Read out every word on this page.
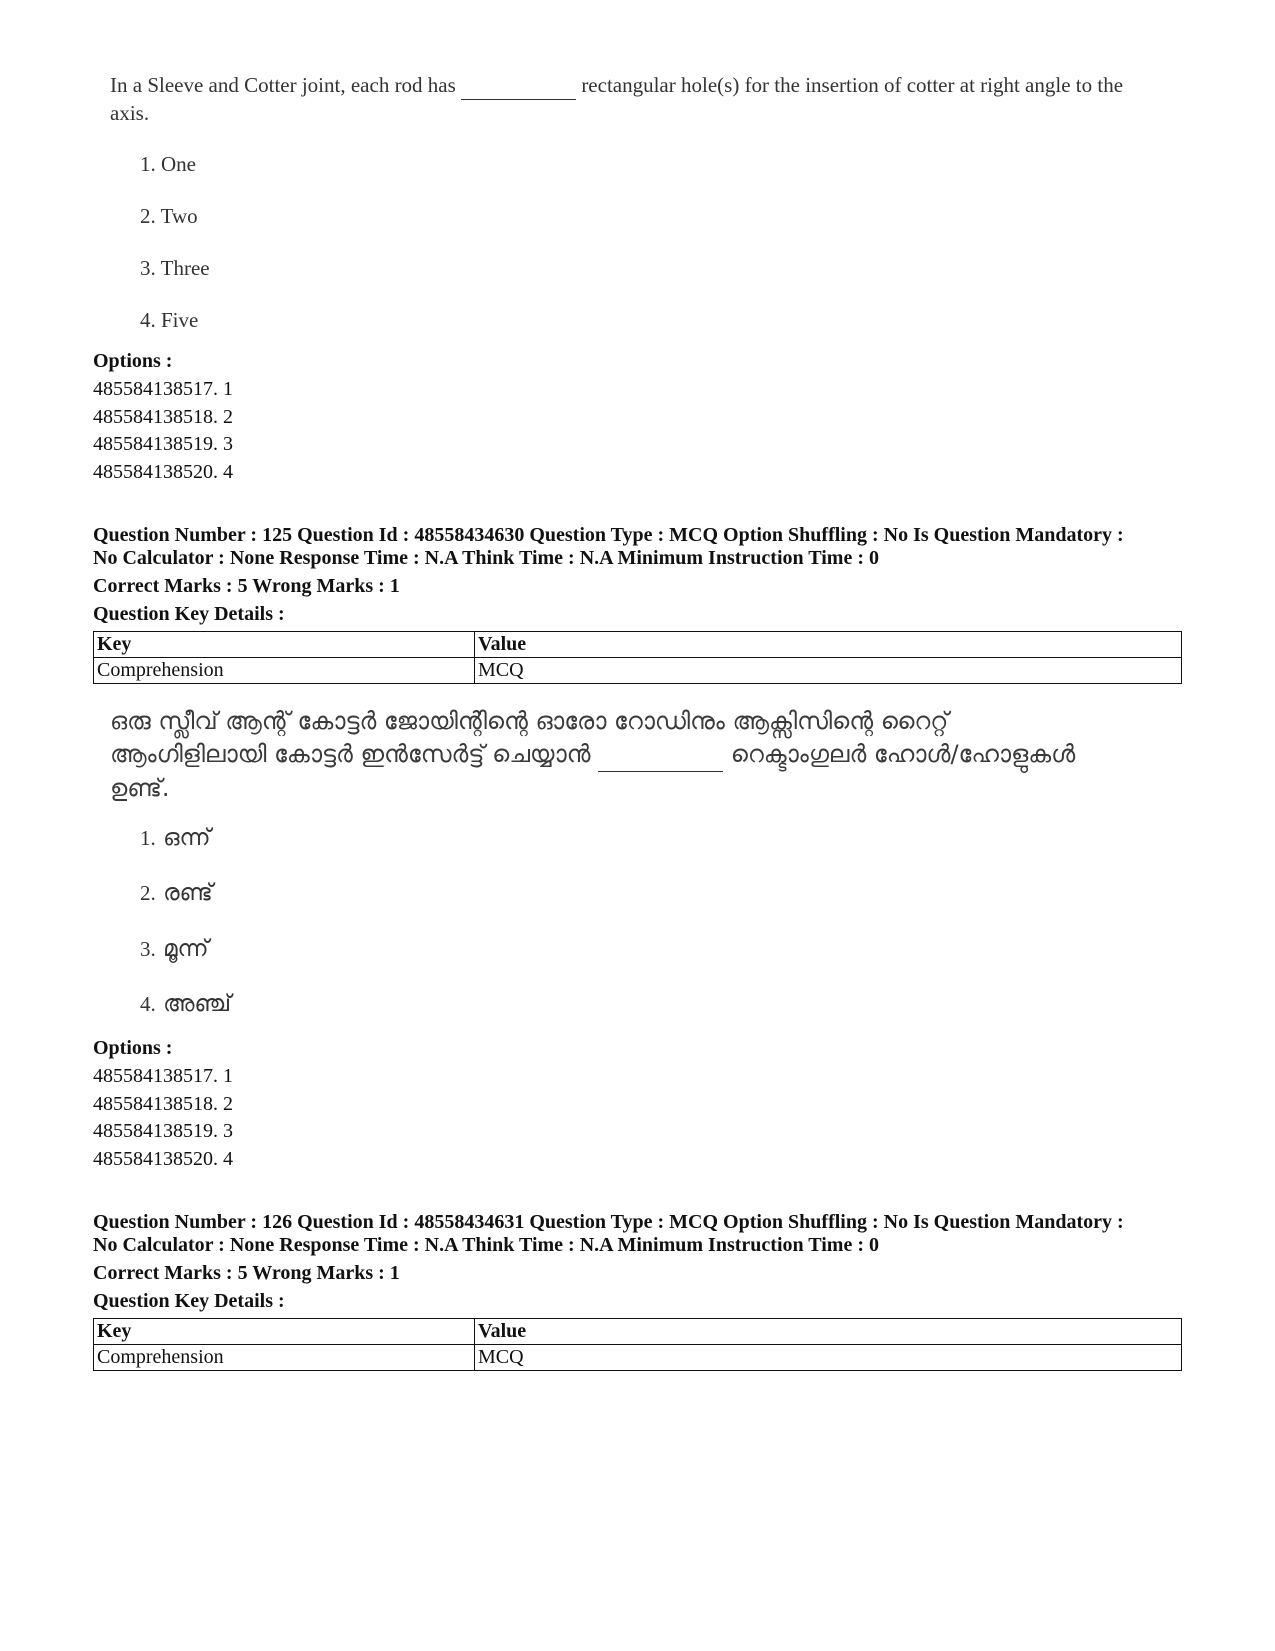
In a Sleeve and Cotter joint, each rod has	rectangular hole(s) for the insertion of cotter at right angle to the axis.
1. One
2. Two
3. Three
4. Five
Options :
485584138517. 1
485584138518. 2
485584138519. 3
485584138520. 4
Question Number : 125 Question Id : 48558434630 Question Type : MCQ Option Shuffling : No Is Question Mandatory :
No Calculator : None Response Time : N.A Think Time : N.A Minimum Instruction Time : 0
Correct Marks : 5 Wrong Marks : 1
Question Key Details :
Key	Value
Comprehension	MCQ
ഒരു സ്ലീവ് ആന്റ് കോട്ടർ ജോയിന്റിന്റെ ഓരോ റോഡിനും ആക്സിസിന്റെ റൈറ്റ് ആംഗിളിലായി കോട്ടർ ഇൻസേർട്ട് ചെയ്യാൻ	റെക്ടാംഗുലർ ഹോൾ/ഹോളുകൾ ഉണ്ട്.
1. ഒന്ന്
2. രണ്ട്
3. മൂന്ന്
4. അഞ്ച്
Options :
485584138517. 1
485584138518. 2
485584138519. 3
485584138520. 4
Question Number : 126 Question Id : 48558434631 Question Type : MCQ Option Shuffling : No Is Question Mandatory :
No Calculator : None Response Time : N.A Think Time : N.A Minimum Instruction Time : 0
Correct Marks : 5 Wrong Marks : 1
Question Key Details :
Key	Value
Comprehension	MCQ
